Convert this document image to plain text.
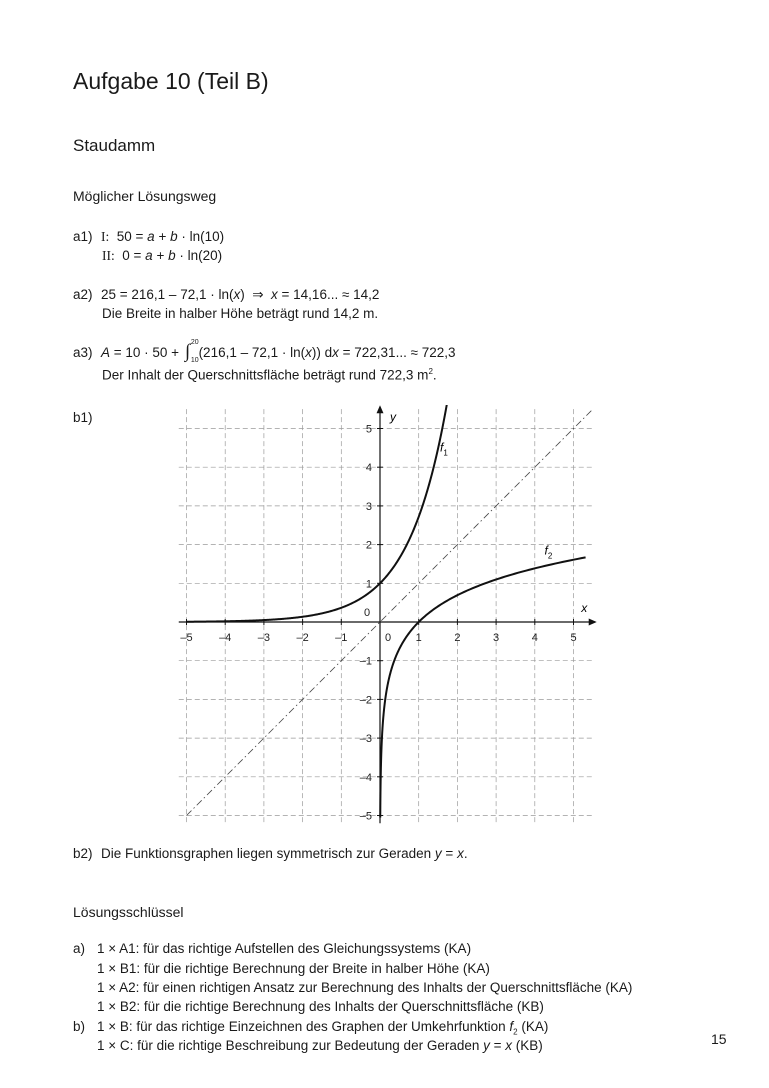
Aufgabe 10 (Teil B)
Staudamm
Möglicher Lösungsweg
a1) I: 50 = a + b · ln(10)
II: 0 = a + b · ln(20)
a2) 25 = 216,1 – 72,1 · ln(x)  ⇒  x = 14,16... ≈ 14,2
Die Breite in halber Höhe beträgt rund 14,2 m.
a3) A = 10 · 50 + ∫ 20
10
(216,1 – 72,1 · ln(x)) dx = 722,31... ≈ 722,3
Der Inhalt der Querschnittsfläche beträgt rund 722,3 $m^2$.
b1)
–5 –4 –3 –2 –1	0 1	2	3	4	5
5
4
3
2
1
0
–1
–2
–3
–4
–5
y
x
$f_1$
$f_2$
b2) Die Funktionsgraphen liegen symmetrisch zur Geraden y = x.
Lösungsschlüssel
a) 1 × A1: für das richtige Aufstellen des Gleichungssystems (KA)
1 × B1: für die richtige Berechnung der Breite in halber Höhe (KA)
1 × A2: für einen richtigen Ansatz zur Berechnung des Inhalts der Querschnittsfläche (KA)
1 × B2: für die richtige Berechnung des Inhalts der Querschnittsfläche (KB)
b) 1 × B: für das richtige Einzeichnen des Graphen der Umkehrfunktion $f_2$ (KA)
1 × C: für die richtige Beschreibung zur Bedeutung der Geraden y = x (KB)	15
